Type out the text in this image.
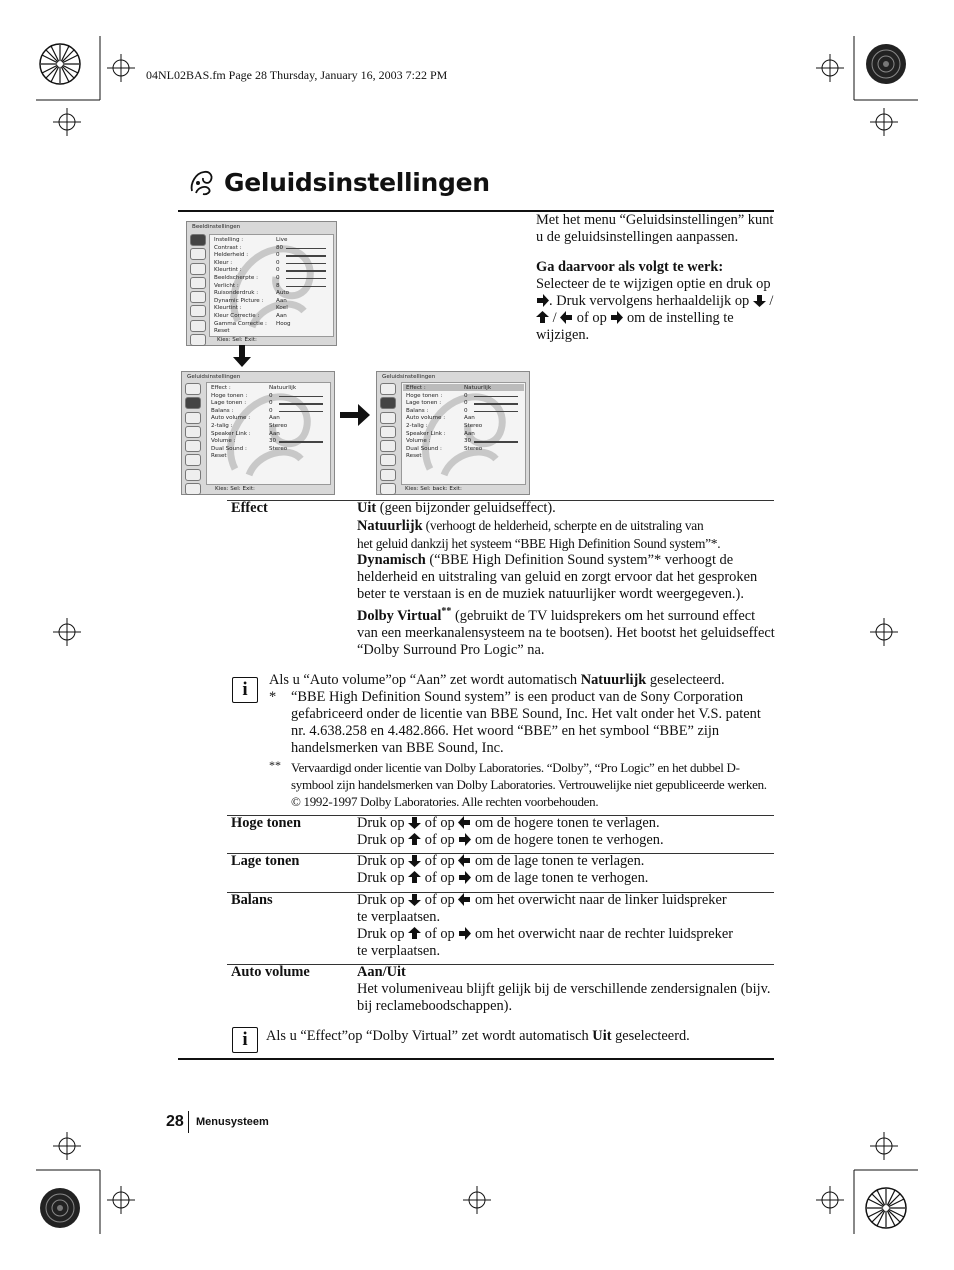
04NL02BAS.fm Page 28 Thursday, January 16, 2003 7:22 PM
Geluidsinstellingen

Met het menu “Geluidsinstellingen” kunt u de geluidsinstellingen aanpassen.

Ga daarvoor als volgt te werk:
Selecteer de te wijzigen optie en druk op . Druk vervolgens herhaaldelijk op  /  /  of op  om de instelling te wijzigen.

Beeldinstellingen
Instelling :	Live
Contrast :	80
Helderheid :	0
Kleur :	0
Kleurtint :	0
Beeldscherpte :	0
Verlicht :	8
Ruisonderdruk :	Auto
Dynamic Picture : Aan
Kleurtint :	Koel
Kleur Correctie :	Aan
Gamma Correctie : Hoog
Reset
Kies: Sel: Exit:
Geluidsinstellingen
Effect :	Natuurlijk
Hoge tonen :	0
Lage tonen :	0
Balans :	0
Auto volume :	Aan
2-talig :	Stereo
Speaker Link :	Aan
Volume :	30
Dual Sound :	Stereo
Reset
Kies: Sel: Exit:
Geluidsinstellingen
Effect :	Natuurlijk
Hoge tonen :	0
Lage tonen :	0
Balans :	0
Auto volume :	Aan
2-talig :	Stereo
Speaker Link :	Aan
Volume :	30
Dual Sound :	Stereo
Reset
Kies: Sel: back: Exit:
Effect	Uit (geen bijzonder geluidseffect).
Natuurlijk (verhoogt de helderheid, scherpte en de uitstraling van
het geluid dankzij het systeem “BBE High Definition Sound system”*.
Dynamisch (“BBE High Definition Sound system”* verhoogt de helderheid en uitstraling van geluid en zorgt ervoor dat het gesproken beter te verstaan is en de muziek natuurlijker wordt weergegeven.).
Dolby Virtual** (gebruikt de TV luidsprekers om het surround effect van een meerkanalensysteem na te bootsen). Het bootst het geluidseffect “Dolby Surround Pro Logic” na.
i	Als u “Auto volume”op “Aan” zet wordt automatisch Natuurlijk geselecteerd.
* “BBE High Definition Sound system” is een product van de Sony Corporation gefabriceerd onder de licentie van BBE Sound, Inc. Het valt onder het V.S. patent nr. 4.638.258 en 4.482.866. Het woord “BBE” en het symbool “BBE” zijn handelsmerken van BBE Sound, Inc.
** Vervaardigd onder licentie van Dolby Laboratories. “Dolby”, “Pro Logic” en het dubbel D-symbool zijn handelsmerken van Dolby Laboratories. Vertrouwelijke niet gepubliceerde werken. © 1992-1997 Dolby Laboratories. Alle rechten voorbehouden.
Hoge tonen	Druk op  of op  om de hogere tonen te verlagen.
Druk op  of op  om de hogere tonen te verhogen.
Lage tonen	Druk op  of op  om de lage tonen te verlagen.
Druk op  of op  om de lage tonen te verhogen.
Balans	Druk op  of op  om het overwicht naar de linker luidspreker
te verplaatsen.
Druk op  of op  om het overwicht naar de rechter luidspreker
te verplaatsen.
Auto volume	Aan/Uit
Het volumeniveau blijft gelijk bij de verschillende zendersignalen (bijv. bij reclameboodschappen).
i	Als u “Effect”op “Dolby Virtual” zet wordt automatisch Uit geselecteerd.
28 Menusysteem
